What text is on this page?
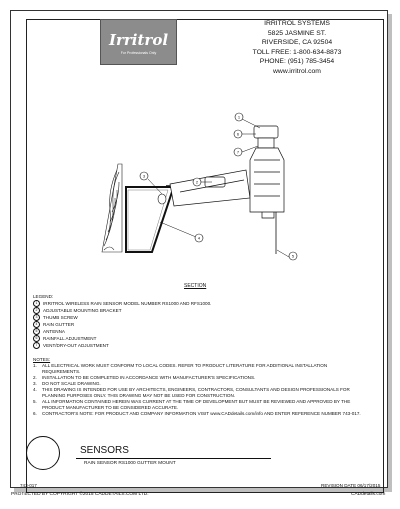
Irritrol
For Professionals Only
IRRITROL SYSTEMS
5825 JASMINE ST.
RIVERSIDE, CA 92504
TOLL FREE: 1-800-634-8873
PHONE: (951) 785-3454
www.irritrol.com
1
6
7
3
2
4
5
SECTION
LEGEND:
1	IRRITROL WIRELESS RAIN SENSOR MODEL NUMBER RS1000 AND RFS1000.
2	ADJUSTABLE MOUNTING BRACKET
3	THUMB SCREW
4	RAIN GUTTER
5	ANTENNA
6	RAINFALL ADJUSTMENT
7	VENT/DRY-OUT ADJUSTMENT
NOTES:
1.	ALL ELECTRICAL WORK MUST CONFORM TO LOCAL CODES. REFER TO PRODUCT LITERATURE FOR ADDITIONAL INSTALLATION REQUIREMENTS.
2.	INSTALLATION TO BE COMPLETED IN ACCORDANCE WITH MANUFACTURER'S SPECIFICATIONS.
3.	DO NOT SCALE DRAWING.
4.	THIS DRAWING IS INTENDED FOR USE BY ARCHITECTS, ENGINEERS, CONTRACTORS, CONSULTANTS AND DESIGN PROFESSIONALS FOR PLANNING PURPOSES ONLY. THIS DRAWING MAY NOT BE USED FOR CONSTRUCTION.
5.	ALL INFORMATION CONTAINED HEREIN WAS CURRENT AT THE TIME OF DEVELOPMENT BUT MUST BE REVIEWED AND APPROVED BY THE PRODUCT MANUFACTURER TO BE CONSIDERED ACCURATE.
6.	CONTRACTOR'S NOTE: FOR PRODUCT AND COMPANY INFORMATION VISIT www.CADdetails.com/info AND ENTER REFERENCE NUMBER 743-017.
SENSORS
RAIN SENSOR RS1000 GUTTER MOUNT
743-017	REVISION DATE 06/17/2015
PROTECTED BY COPYRIGHT ©2015 CADDETAILS.COM LTD.	CADdetails.com
